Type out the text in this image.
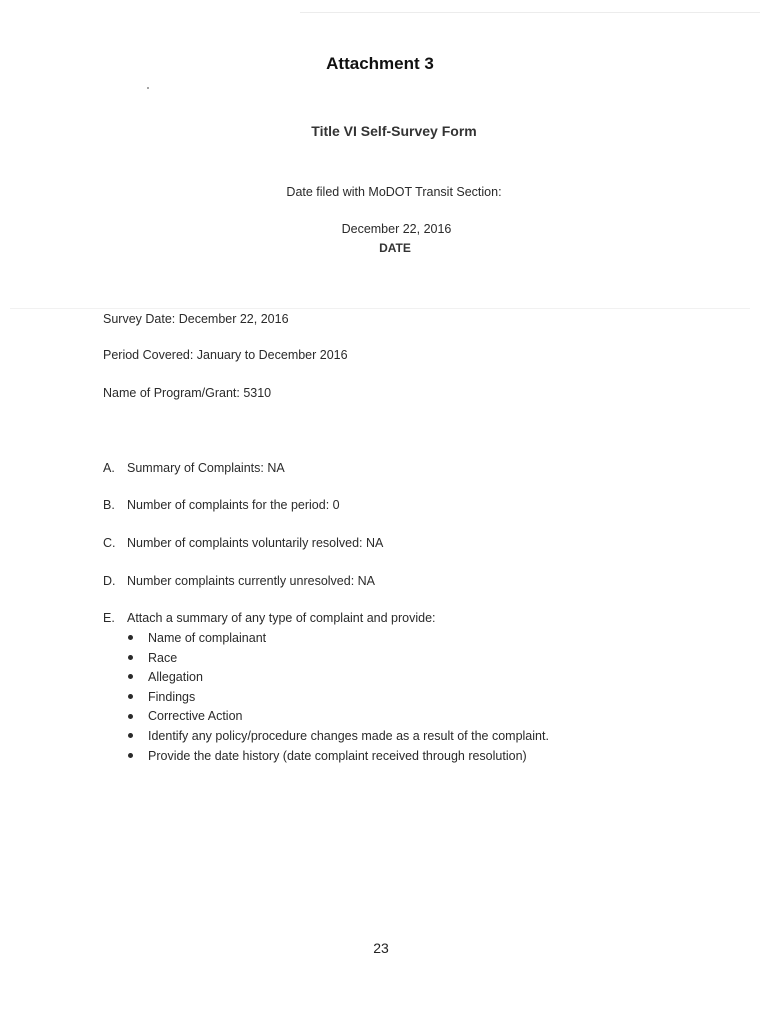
Attachment 3

Title VI Self-Survey Form

Date filed with MoDOT Transit Section:

December 22, 2016

DATE

Survey Date: December 22, 2016

Period Covered: January to December 2016

Name of Program/Grant: 5310

A. Summary of Complaints: NA
B. Number of complaints for the period: 0
C. Number of complaints voluntarily resolved: NA
D. Number complaints currently unresolved: NA
E. Attach a summary of any type of complaint and provide:
Name of complainant
Race
Allegation
Findings
Corrective Action
Identify any policy/procedure changes made as a result of the complaint.
Provide the date history (date complaint received through resolution)

23
